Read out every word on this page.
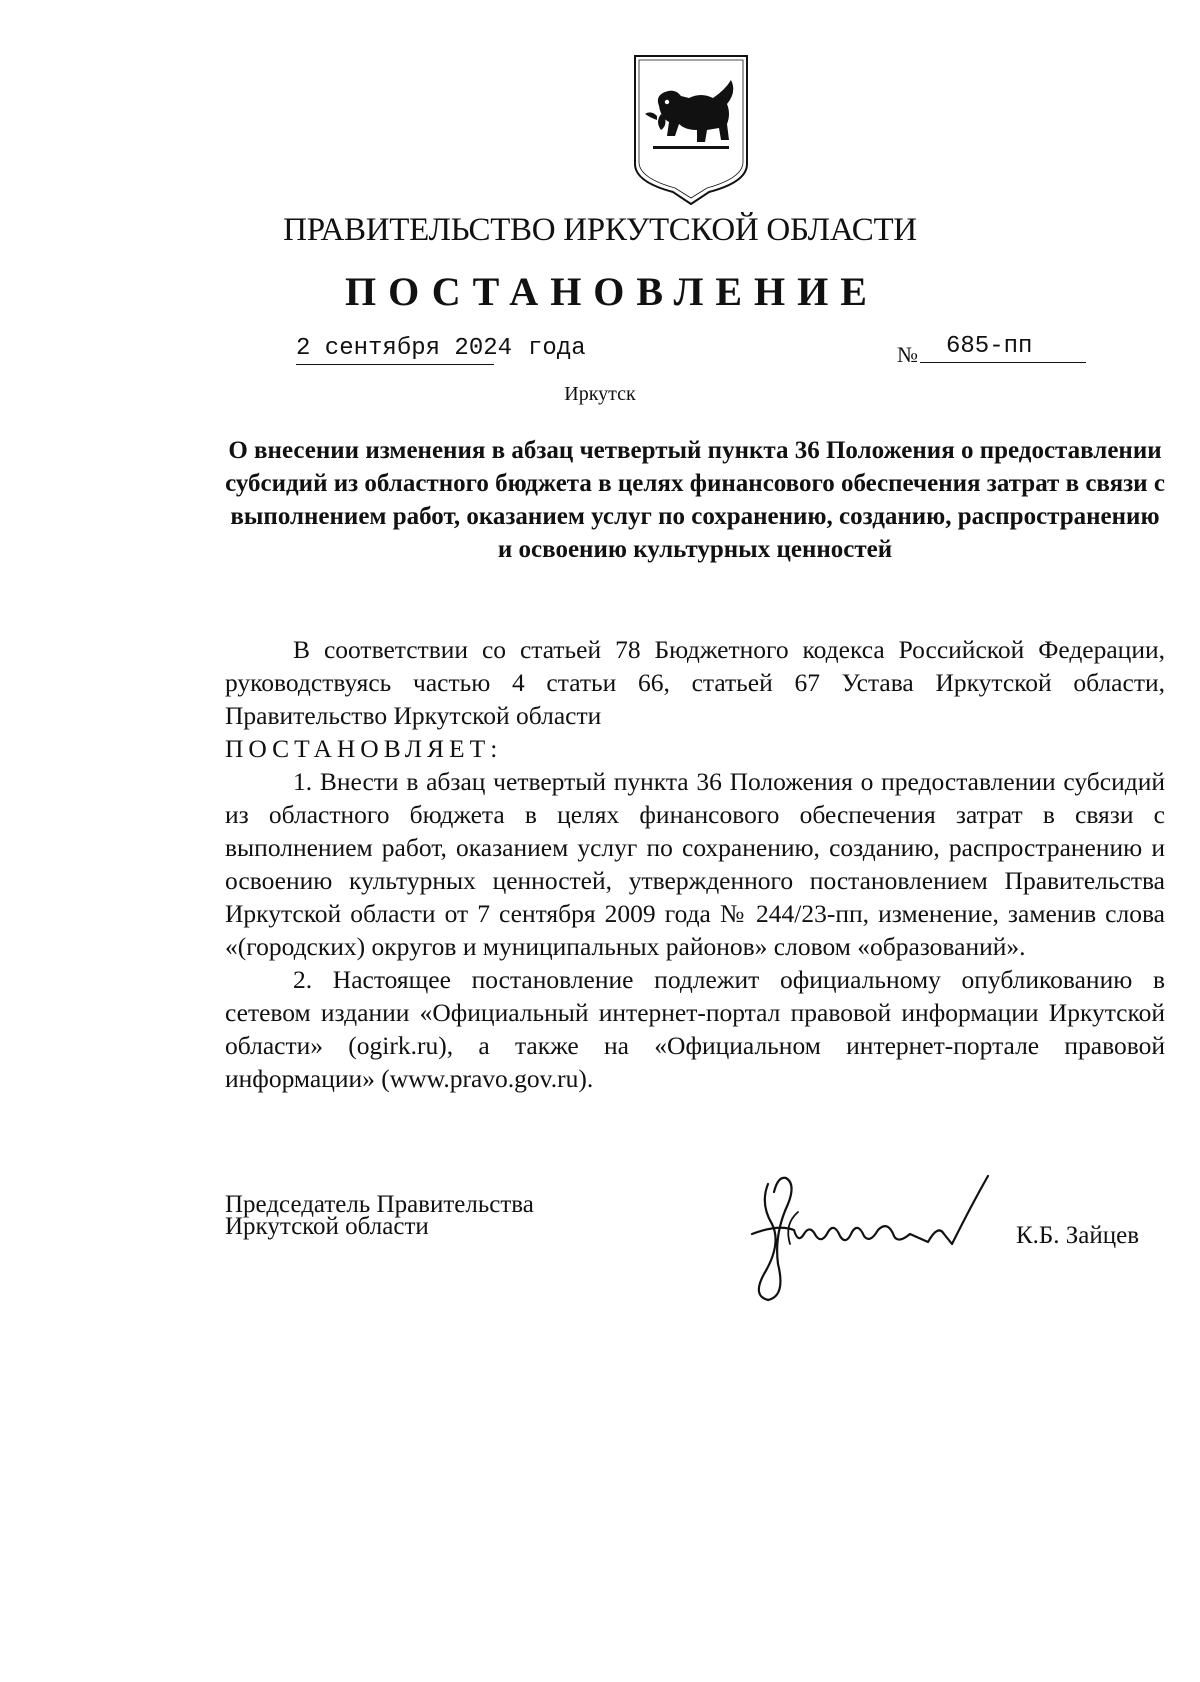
ПРАВИТЕЛЬСТВО ИРКУТСКОЙ ОБЛАСТИ
ПОСТАНОВЛЕНИЕ
2 сентября 2024 года	№	685-пп
Иркутск
О внесении изменения в абзац четвертый пункта 36 Положения о предоставлении субсидий из областного бюджета в целях финансового обеспечения затрат в связи с выполнением работ, оказанием услуг по сохранению, созданию, распространению и освоению культурных ценностей

В соответствии со статьей 78 Бюджетного кодекса Российской Федерации, руководствуясь частью 4 статьи 66, статьей 67 Устава Иркутской области, Правительство Иркутской области

ПОСТАНОВЛЯЕТ:

1. Внести в абзац четвертый пункта 36 Положения о предоставлении субсидий из областного бюджета в целях финансового обеспечения затрат в связи с выполнением работ, оказанием услуг по сохранению, созданию, распространению и освоению культурных ценностей, утвержденного постановлением Правительства Иркутской области от 7 сентября 2009 года № 244/23-пп, изменение, заменив слова «(городских) округов и муниципальных районов» словом «образований».

2. Настоящее постановление подлежит официальному опубликованию в сетевом издании «Официальный интернет-портал правовой информации Иркутской области» (ogirk.ru), а также на «Официальном интернет-портале правовой информации» (www.pravo.gov.ru).

Председатель Правительства
Иркутской области	К.Б. Зайцев
